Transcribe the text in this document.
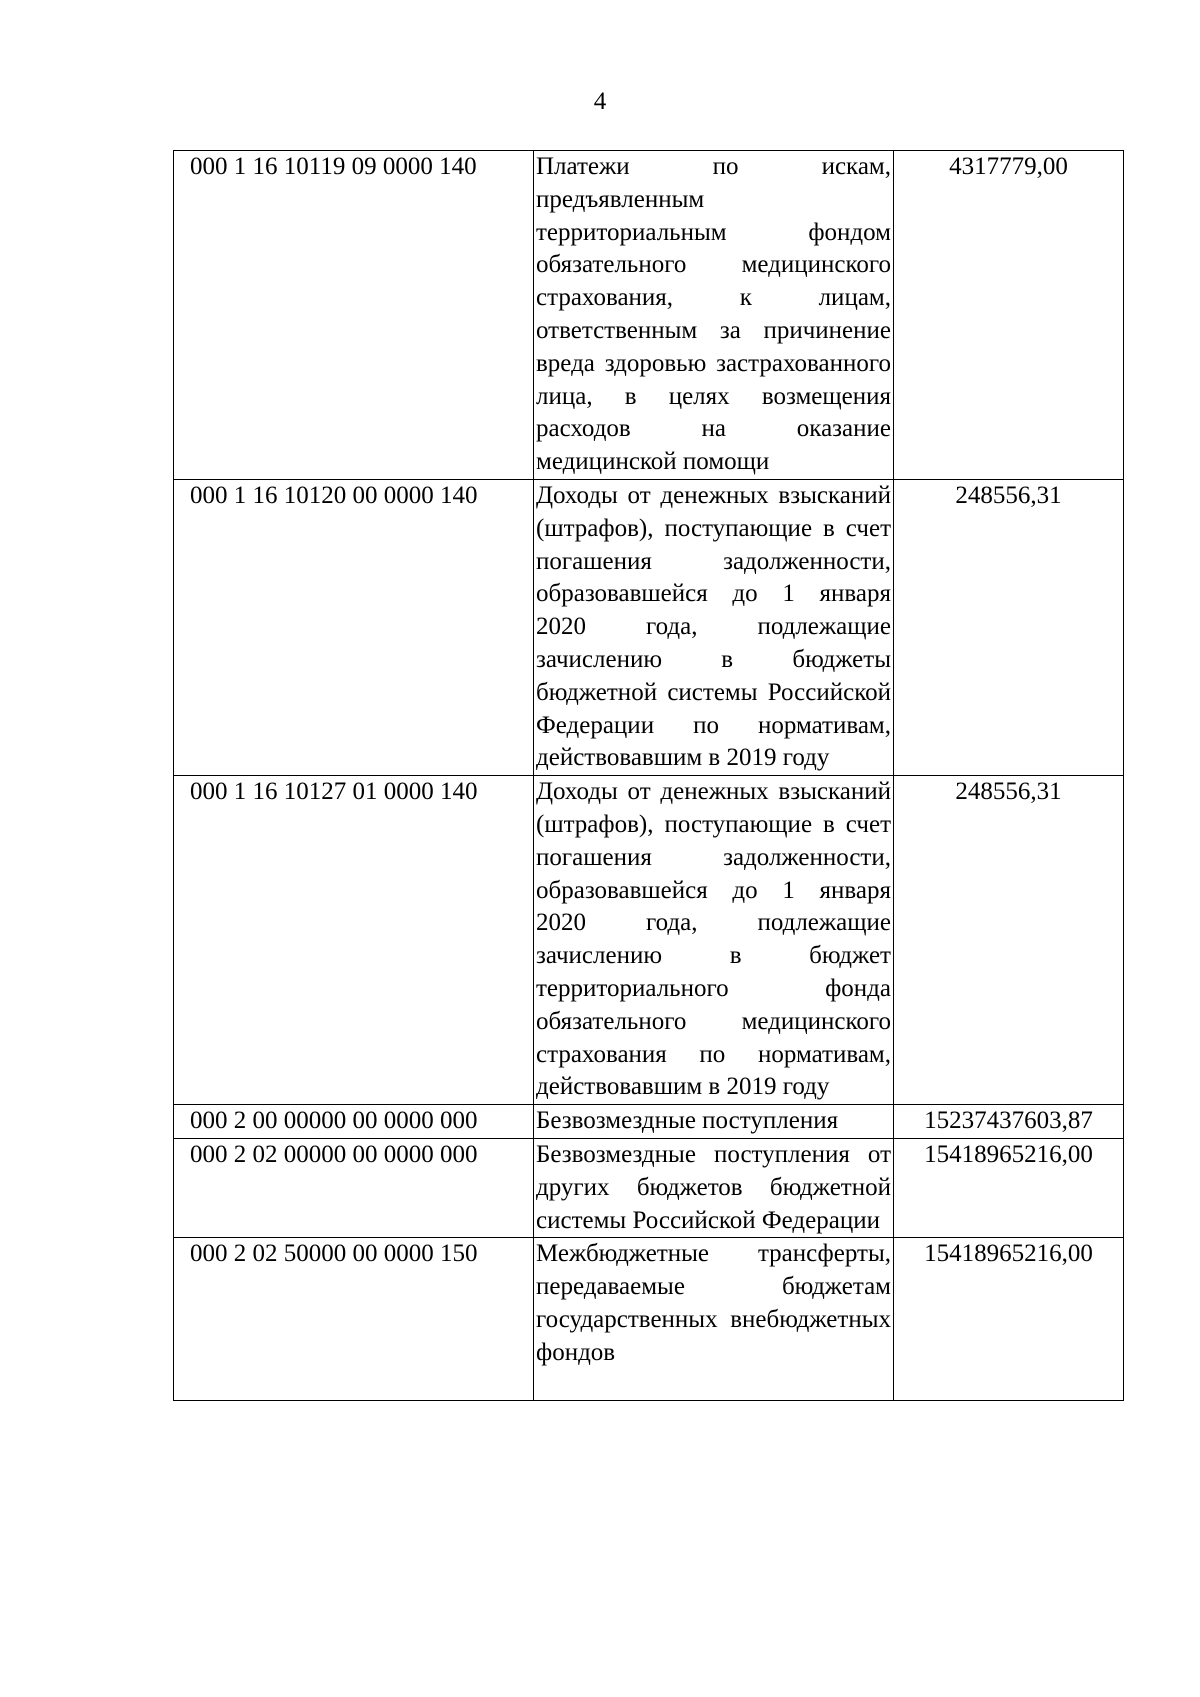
4
000 1 16 10119 09 0000 140	Платежи по искам, предъявленным территориальным фондом обязательного медицинского страхования, к лицам, ответственным за причинение вреда здоровью застрахованного лица, в целях возмещения расходов на оказание медицинской помощи	4317779,00
000 1 16 10120 00 0000 140	Доходы от денежных взысканий (штрафов), поступающие в счет погашения задолженности, образовавшейся до 1 января 2020 года, подлежащие зачислению в бюджеты бюджетной системы Российской Федерации по нормативам, действовавшим в 2019 году	248556,31
000 1 16 10127 01 0000 140	Доходы от денежных взысканий (штрафов), поступающие в счет погашения задолженности, образовавшейся до 1 января 2020 года, подлежащие зачислению в бюджет территориального фонда обязательного медицинского страхования по нормативам, действовавшим в 2019 году	248556,31
000 2 00 00000 00 0000 000	Безвозмездные поступления	15237437603,87
000 2 02 00000 00 0000 000	Безвозмездные поступления от других бюджетов бюджетной системы Российской Федерации	15418965216,00
000 2 02 50000 00 0000 150	Межбюджетные трансферты, передаваемые бюджетам государственных внебюджетных фондов	15418965216,00
